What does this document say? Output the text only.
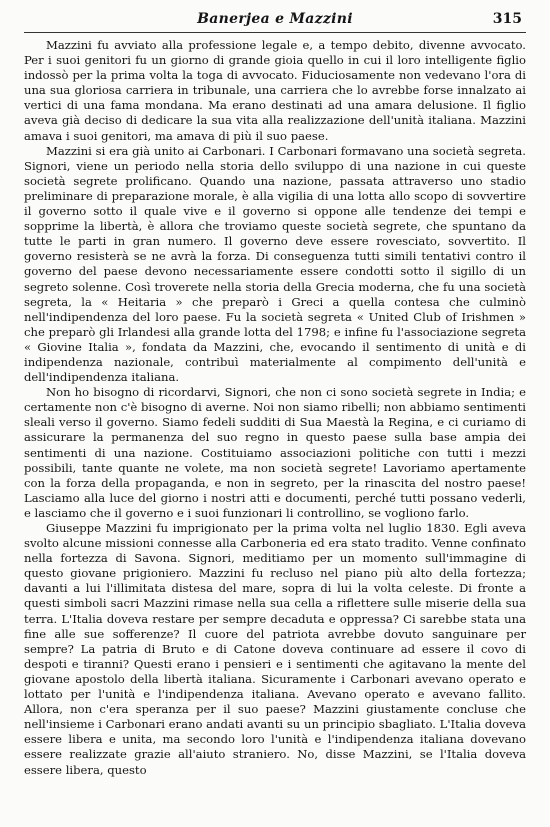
Banerjea e Mazzini	315

Mazzini fu avviato alla professione legale e, a tempo debito, divenne avvocato. Per i suoi genitori fu un giorno di grande gioia quello in cui il loro intelligente figlio indossò per la prima volta la toga di avvocato. Fiduciosamente non vedevano l'ora di una sua gloriosa carriera in tribunale, una carriera che lo avrebbe forse innalzato ai vertici di una fama mondana. Ma erano destinati ad una amara delusione. Il figlio aveva già deciso di dedicare la sua vita alla realizzazione dell'unità italiana. Mazzini amava i suoi genitori, ma amava di più il suo paese.

Mazzini si era già unito ai Carbonari. I Carbonari formavano una società segreta. Signori, viene un periodo nella storia dello sviluppo di una nazione in cui queste società segrete prolificano. Quando una nazione, passata attraverso uno stadio preliminare di preparazione morale, è alla vigilia di una lotta allo scopo di sovvertire il governo sotto il quale vive e il governo si oppone alle tendenze dei tempi e sopprime la libertà, è allora che troviamo queste società segrete, che spuntano da tutte le parti in gran numero. Il governo deve essere rovesciato, sovvertito. Il governo resisterà se ne avrà la forza. Di conseguenza tutti simili tentativi contro il governo del paese devono necessariamente essere condotti sotto il sigillo di un segreto solenne. Così troverete nella storia della Grecia moderna, che fu una società segreta, la « Heitaria » che preparò i Greci a quella contesa che culminò nell'indipendenza del loro paese. Fu la società segreta « United Club of Irishmen » che preparò gli Irlandesi alla grande lotta del 1798; e infine fu l'associazione segreta « Giovine Italia », fondata da Mazzini, che, evocando il sentimento di unità e di indipendenza nazionale, contribuì materialmente al compimento dell'unità e dell'indipendenza italiana.

Non ho bisogno di ricordarvi, Signori, che non ci sono società segrete in India; e certamente non c'è bisogno di averne. Noi non siamo ribelli; non abbiamo sentimenti sleali verso il governo. Siamo fedeli sudditi di Sua Maestà la Regina, e ci curiamo di assicurare la permanenza del suo regno in questo paese sulla base ampia dei sentimenti di una nazione. Costituiamo associazioni politiche con tutti i mezzi possibili, tante quante ne volete, ma non società segrete! Lavoriamo apertamente con la forza della propaganda, e non in segreto, per la rinascita del nostro paese! Lasciamo alla luce del giorno i nostri atti e documenti, perché tutti possano vederli, e lasciamo che il governo e i suoi funzionari li controllino, se vogliono farlo.

Giuseppe Mazzini fu imprigionato per la prima volta nel luglio 1830. Egli aveva svolto alcune missioni connesse alla Carboneria ed era stato tradito. Venne confinato nella fortezza di Savona. Signori, meditiamo per un momento sull'immagine di questo giovane prigioniero. Mazzini fu recluso nel piano più alto della fortezza; davanti a lui l'illimitata distesa del mare, sopra di lui la volta celeste. Di fronte a questi simboli sacri Mazzini rimase nella sua cella a riflettere sulle miserie della sua terra. L'Italia doveva restare per sempre decaduta e oppressa? Ci sarebbe stata una fine alle sue sofferenze? Il cuore del patriota avrebbe dovuto sanguinare per sempre? La patria di Bruto e di Catone doveva continuare ad essere il covo di despoti e tiranni? Questi erano i pensieri e i sentimenti che agitavano la mente del giovane apostolo della libertà italiana. Sicuramente i Carbonari avevano operato e lottato per l'unità e l'indipendenza italiana. Avevano operato e avevano fallito. Allora, non c'era speranza per il suo paese? Mazzini giustamente concluse che nell'insieme i Carbonari erano andati avanti su un principio sbagliato. L'Italia doveva essere libera e unita, ma secondo loro l'unità e l'indipendenza italiana dovevano essere realizzate grazie all'aiuto straniero. No, disse Mazzini, se l'Italia doveva essere libera, questo
